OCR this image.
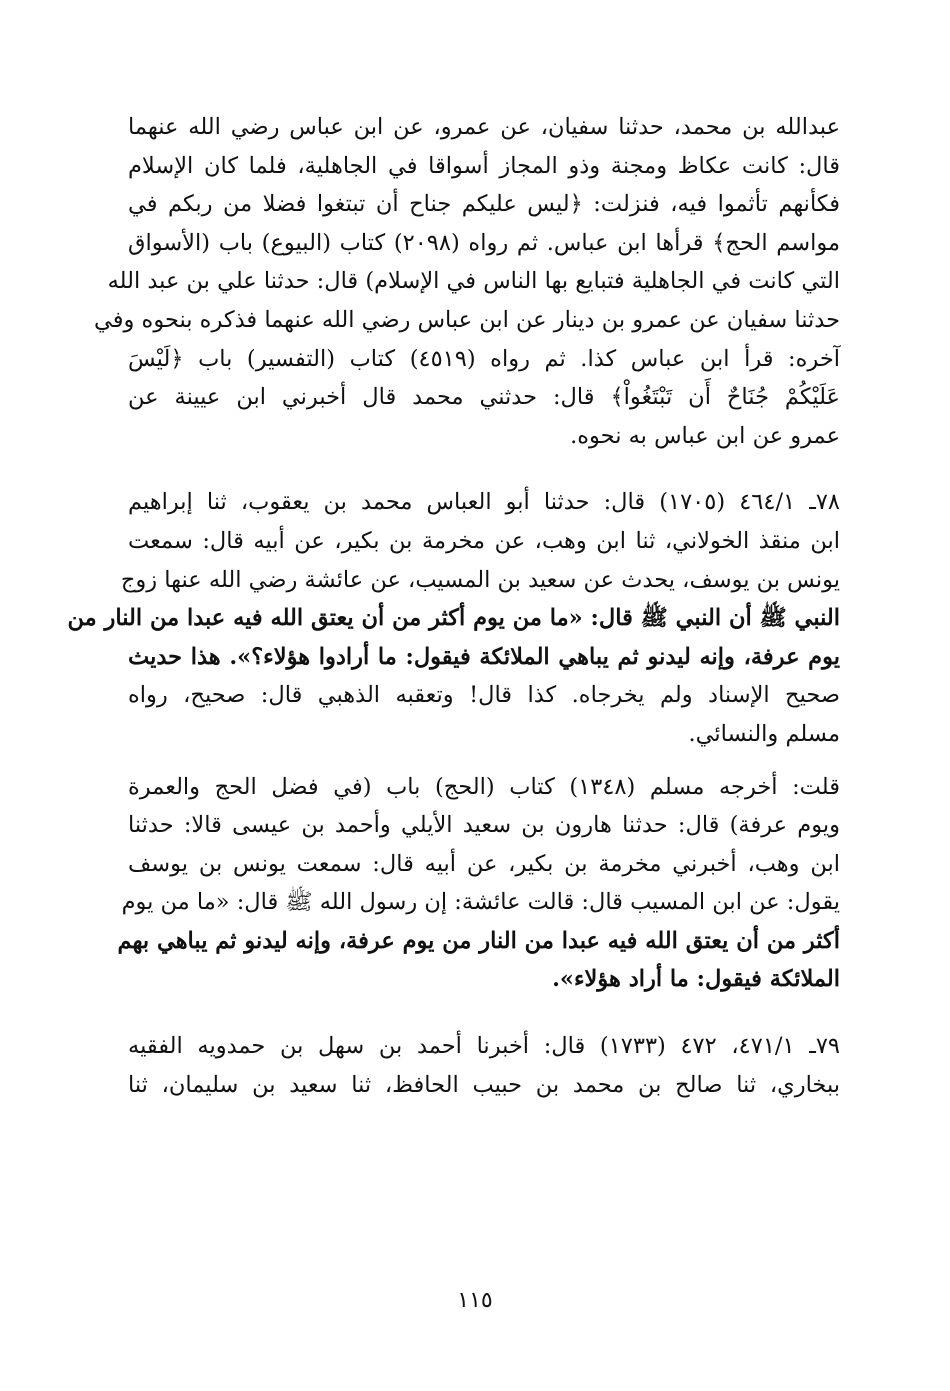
عبدالله بن محمد، حدثنا سفيان، عن عمرو، عن ابن عباس رضي الله عنهما
قال: كانت عكاظ ومجنة وذو المجاز أسواقا في الجاهلية، فلما كان الإسلام
فكأنهم تأثموا فيه، فنزلت: ﴿ليس عليكم جناح أن تبتغوا فضلا من ربكم في
مواسم الحج﴾ قرأها ابن عباس. ثم رواه (٢٠٩٨) كتاب (البيوع) باب (الأسواق
التي كانت في الجاهلية فتبايع بها الناس في الإسلام) قال: حدثنا علي بن عبد الله
حدثنا سفيان عن عمرو بن دينار عن ابن عباس رضي الله عنهما فذكره بنحوه وفي
آخره: قرأ ابن عباس كذا. ثم رواه (٤٥١٩) كتاب (التفسير) باب ﴿لَيْسَ
عَلَيْكُمْ جُنَاحٌ أَن تَبْتَغُواْ﴾ قال: حدثني محمد قال أخبرني ابن عيينة عن
عمرو عن ابن عباس به نحوه.

٧٨ـ ٤٦٤/١ (١٧٠٥) قال: حدثنا أبو العباس محمد بن يعقوب، ثنا إبراهيم
ابن منقذ الخولاني، ثنا ابن وهب، عن مخرمة بن بكير، عن أبيه قال: سمعت
يونس بن يوسف، يحدث عن سعيد بن المسيب، عن عائشة رضي الله عنها زوج
النبي ﷺ أن النبي ﷺ قال: «ما من يوم أكثر من أن يعتق الله فيه عبدا من النار من
يوم عرفة، وإنه ليدنو ثم يباهي الملائكة فيقول: ما أرادوا هؤلاء؟». هذا حديث
صحيح الإسناد ولم يخرجاه. كذا قال! وتعقبه الذهبي قال: صحيح، رواه
مسلم والنسائي.

قلت: أخرجه مسلم (١٣٤٨) كتاب (الحج) باب (في فضل الحج والعمرة
ويوم عرفة) قال: حدثنا هارون بن سعيد الأيلي وأحمد بن عيسى قالا: حدثنا
ابن وهب، أخبرني مخرمة بن بكير، عن أبيه قال: سمعت يونس بن يوسف
يقول: عن ابن المسيب قال: قالت عائشة: إن رسول الله ﷺ قال: «ما من يوم
أكثر من أن يعتق الله فيه عبدا من النار من يوم عرفة، وإنه ليدنو ثم يباهي بهم
الملائكة فيقول: ما أراد هؤلاء».

٧٩ـ ٤٧١/١، ٤٧٢ (١٧٣٣) قال: أخبرنا أحمد بن سهل بن حمدويه الفقيه
ببخاري، ثنا صالح بن محمد بن حبيب الحافظ، ثنا سعيد بن سليمان، ثنا

١١٥
